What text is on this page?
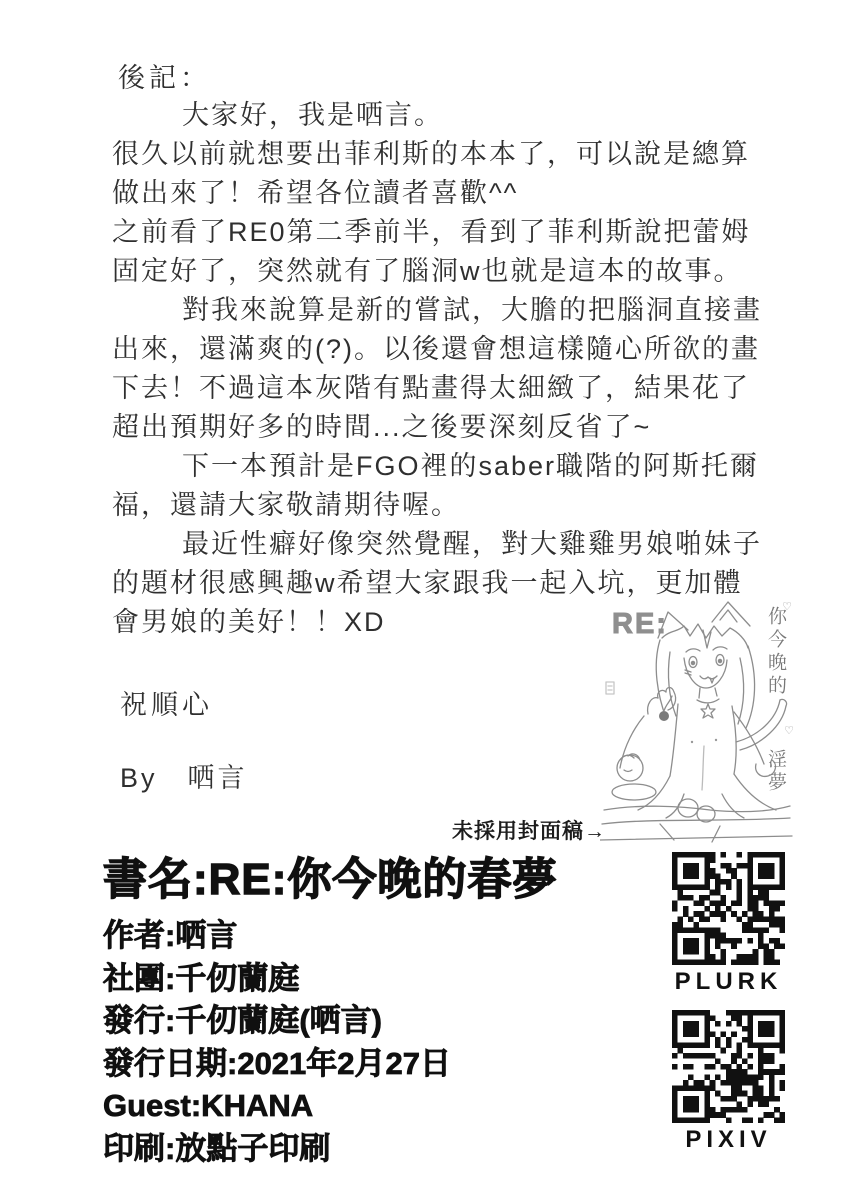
後記：
大家好，我是哂言。
很久以前就想要出菲利斯的本本了，可以說是總算
做出來了！希望各位讀者喜歡^^
之前看了RE0第二季前半，看到了菲利斯說把蕾姆
固定好了，突然就有了腦洞w也就是這本的故事。
對我來說算是新的嘗試，大膽的把腦洞直接畫
出來，還滿爽的(?)。以後還會想這樣隨心所欲的畫
下去！不過這本灰階有點畫得太細緻了，結果花了
超出預期好多的時間...之後要深刻反省了~
下一本預計是FGO裡的saber職階的阿斯托爾
福，還請大家敬請期待喔。
最近性癖好像突然覺醒，對大雞雞男娘啪妹子
的題材很感興趣w希望大家跟我一起入坑，更加體
會男娘的美好！！XD
祝順心
By　哂言
RE:
♡
♡
你今晚的 淫夢
未採用封面稿→
書名:RE:你今晚的春夢
作者:哂言
社團:千仞蘭庭
發行:千仞蘭庭(哂言)
發行日期:2021年2月27日
Guest:KHANA
印刷:放點子印刷
PLURK
PIXIV
